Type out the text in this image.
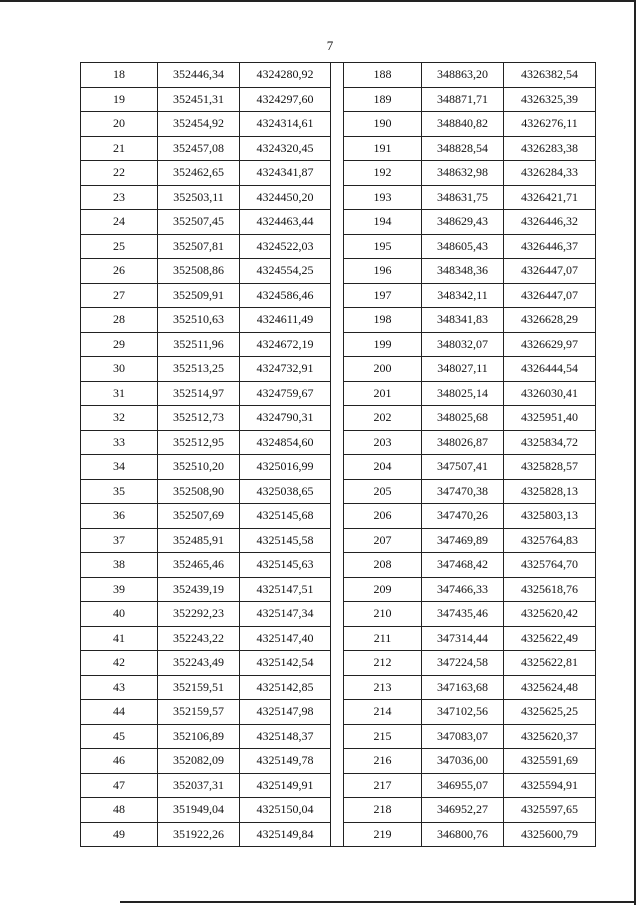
7
18	352446,34	4324280,92		188	348863,20	4326382,54
19	352451,31	4324297,60		189	348871,71	4326325,39
20	352454,92	4324314,61		190	348840,82	4326276,11
21	352457,08	4324320,45		191	348828,54	4326283,38
22	352462,65	4324341,87		192	348632,98	4326284,33
23	352503,11	4324450,20		193	348631,75	4326421,71
24	352507,45	4324463,44		194	348629,43	4326446,32
25	352507,81	4324522,03		195	348605,43	4326446,37
26	352508,86	4324554,25		196	348348,36	4326447,07
27	352509,91	4324586,46		197	348342,11	4326447,07
28	352510,63	4324611,49		198	348341,83	4326628,29
29	352511,96	4324672,19		199	348032,07	4326629,97
30	352513,25	4324732,91		200	348027,11	4326444,54
31	352514,97	4324759,67		201	348025,14	4326030,41
32	352512,73	4324790,31		202	348025,68	4325951,40
33	352512,95	4324854,60		203	348026,87	4325834,72
34	352510,20	4325016,99		204	347507,41	4325828,57
35	352508,90	4325038,65		205	347470,38	4325828,13
36	352507,69	4325145,68		206	347470,26	4325803,13
37	352485,91	4325145,58		207	347469,89	4325764,83
38	352465,46	4325145,63		208	347468,42	4325764,70
39	352439,19	4325147,51		209	347466,33	4325618,76
40	352292,23	4325147,34		210	347435,46	4325620,42
41	352243,22	4325147,40		211	347314,44	4325622,49
42	352243,49	4325142,54		212	347224,58	4325622,81
43	352159,51	4325142,85		213	347163,68	4325624,48
44	352159,57	4325147,98		214	347102,56	4325625,25
45	352106,89	4325148,37		215	347083,07	4325620,37
46	352082,09	4325149,78		216	347036,00	4325591,69
47	352037,31	4325149,91		217	346955,07	4325594,91
48	351949,04	4325150,04		218	346952,27	4325597,65
49	351922,26	4325149,84		219	346800,76	4325600,79
